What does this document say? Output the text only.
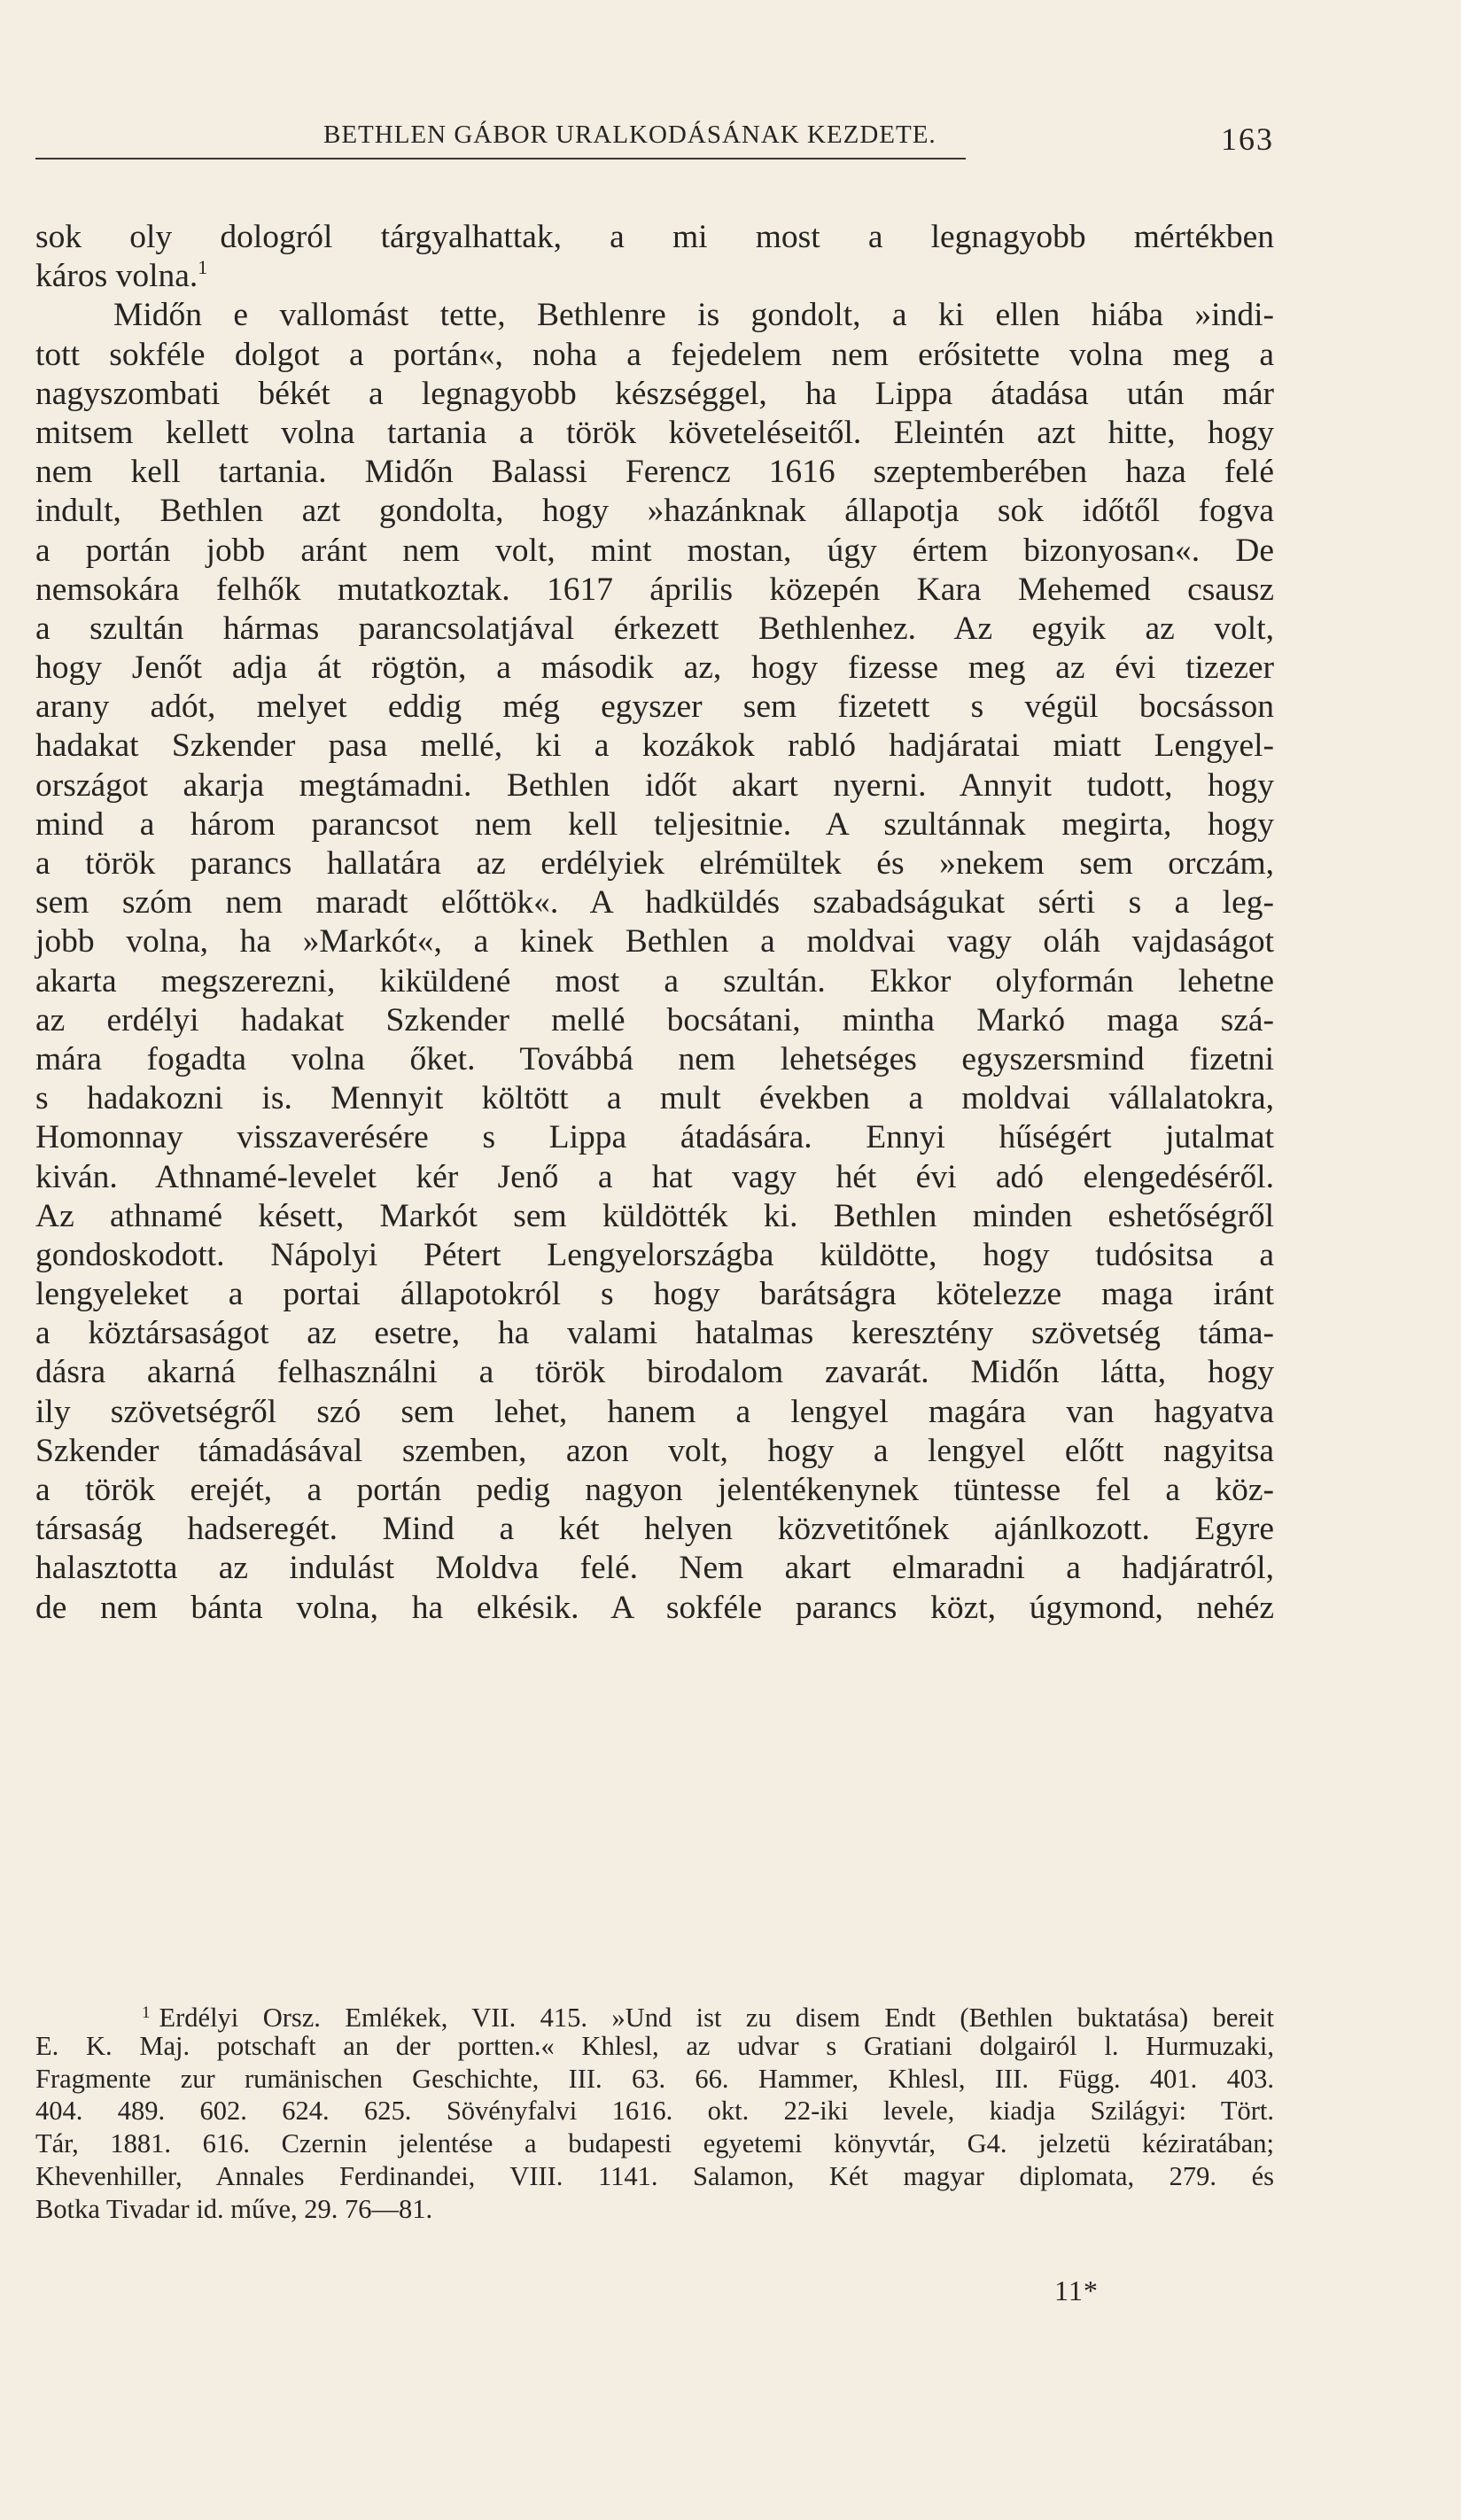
BETHLEN GÁBOR URALKODÁSÁNAK KEZDETE.	163
sok oly dologról tárgyalhattak, a mi most a legnagyobb mértékben
káros volna.$^1$
Midőn e vallomást tette, Bethlenre is gondolt, a ki ellen hiába »indi-
tott sokféle dolgot a portán«, noha a fejedelem nem erősitette volna meg a
nagyszombati békét a legnagyobb készséggel, ha Lippa átadása után már
mitsem kellett volna tartania a török követeléseitől. Eleintén azt hitte, hogy
nem kell tartania. Midőn Balassi Ferencz 1616 szeptemberében haza felé
indult, Bethlen azt gondolta, hogy »hazánknak állapotja sok időtől fogva
a portán jobb aránt nem volt, mint mostan, úgy értem bizonyosan«. De
nemsokára felhők mutatkoztak. 1617 április közepén Kara Mehemed csausz
a szultán hármas parancsolatjával érkezett Bethlenhez. Az egyik az volt,
hogy Jenőt adja át rögtön, a második az, hogy fizesse meg az évi tizezer
arany adót, melyet eddig még egyszer sem fizetett s végül bocsásson
hadakat Szkender pasa mellé, ki a kozákok rabló hadjáratai miatt Lengyel-
országot akarja megtámadni. Bethlen időt akart nyerni. Annyit tudott, hogy
mind a három parancsot nem kell teljesitnie. A szultánnak megirta, hogy
a török parancs hallatára az erdélyiek elrémültek és »nekem sem orczám,
sem szóm nem maradt előttök«. A hadküldés szabadságukat sérti s a leg-
jobb volna, ha »Markót«, a kinek Bethlen a moldvai vagy oláh vajdaságot
akarta megszerezni, kiküldené most a szultán. Ekkor olyformán lehetne
az erdélyi hadakat Szkender mellé bocsátani, mintha Markó maga szá-
mára fogadta volna őket. Továbbá nem lehetséges egyszersmind fizetni
s hadakozni is. Mennyit költött a mult években a moldvai vállalatokra,
Homonnay visszaverésére s Lippa átadására. Ennyi hűségért jutalmat
kiván. Athnamé-levelet kér Jenő a hat vagy hét évi adó elengedéséről.
Az athnamé késett, Markót sem küldötték ki. Bethlen minden eshetőségről
gondoskodott. Nápolyi Pétert Lengyelországba küldötte, hogy tudósitsa a
lengyeleket a portai állapotokról s hogy barátságra kötelezze maga iránt
a köztársaságot az esetre, ha valami hatalmas keresztény szövetség táma-
dásra akarná felhasználni a török birodalom zavarát. Midőn látta, hogy
ily szövetségről szó sem lehet, hanem a lengyel magára van hagyatva
Szkender támadásával szemben, azon volt, hogy a lengyel előtt nagyitsa
a török erejét, a portán pedig nagyon jelentékenynek tüntesse fel a köz-
társaság hadseregét. Mind a két helyen közvetitőnek ajánlkozott. Egyre
halasztotta az indulást Moldva felé. Nem akart elmaradni a hadjáratról,
de nem bánta volna, ha elkésik. A sokféle parancs közt, úgymond, nehéz
$^1$ Erdélyi Orsz. Emlékek, VII. 415. »Und ist zu disem Endt (Bethlen buktatása) bereit
E. K. Maj. potschaft an der portten.« Khlesl, az udvar s Gratiani dolgairól l. Hurmuzaki,
Fragmente zur rumänischen Geschichte, III. 63. 66. Hammer, Khlesl, III. Függ. 401. 403.
404. 489. 602. 624. 625. Sövényfalvi 1616. okt. 22-iki levele, kiadja Szilágyi: Tört.
Tár, 1881. 616. Czernin jelentése a budapesti egyetemi könyvtár, G4. jelzetü kéziratában;
Khevenhiller, Annales Ferdinandei, VIII. 1141. Salamon, Két magyar diplomata, 279. és
Botka Tivadar id. műve, 29. 76—81.
11*
